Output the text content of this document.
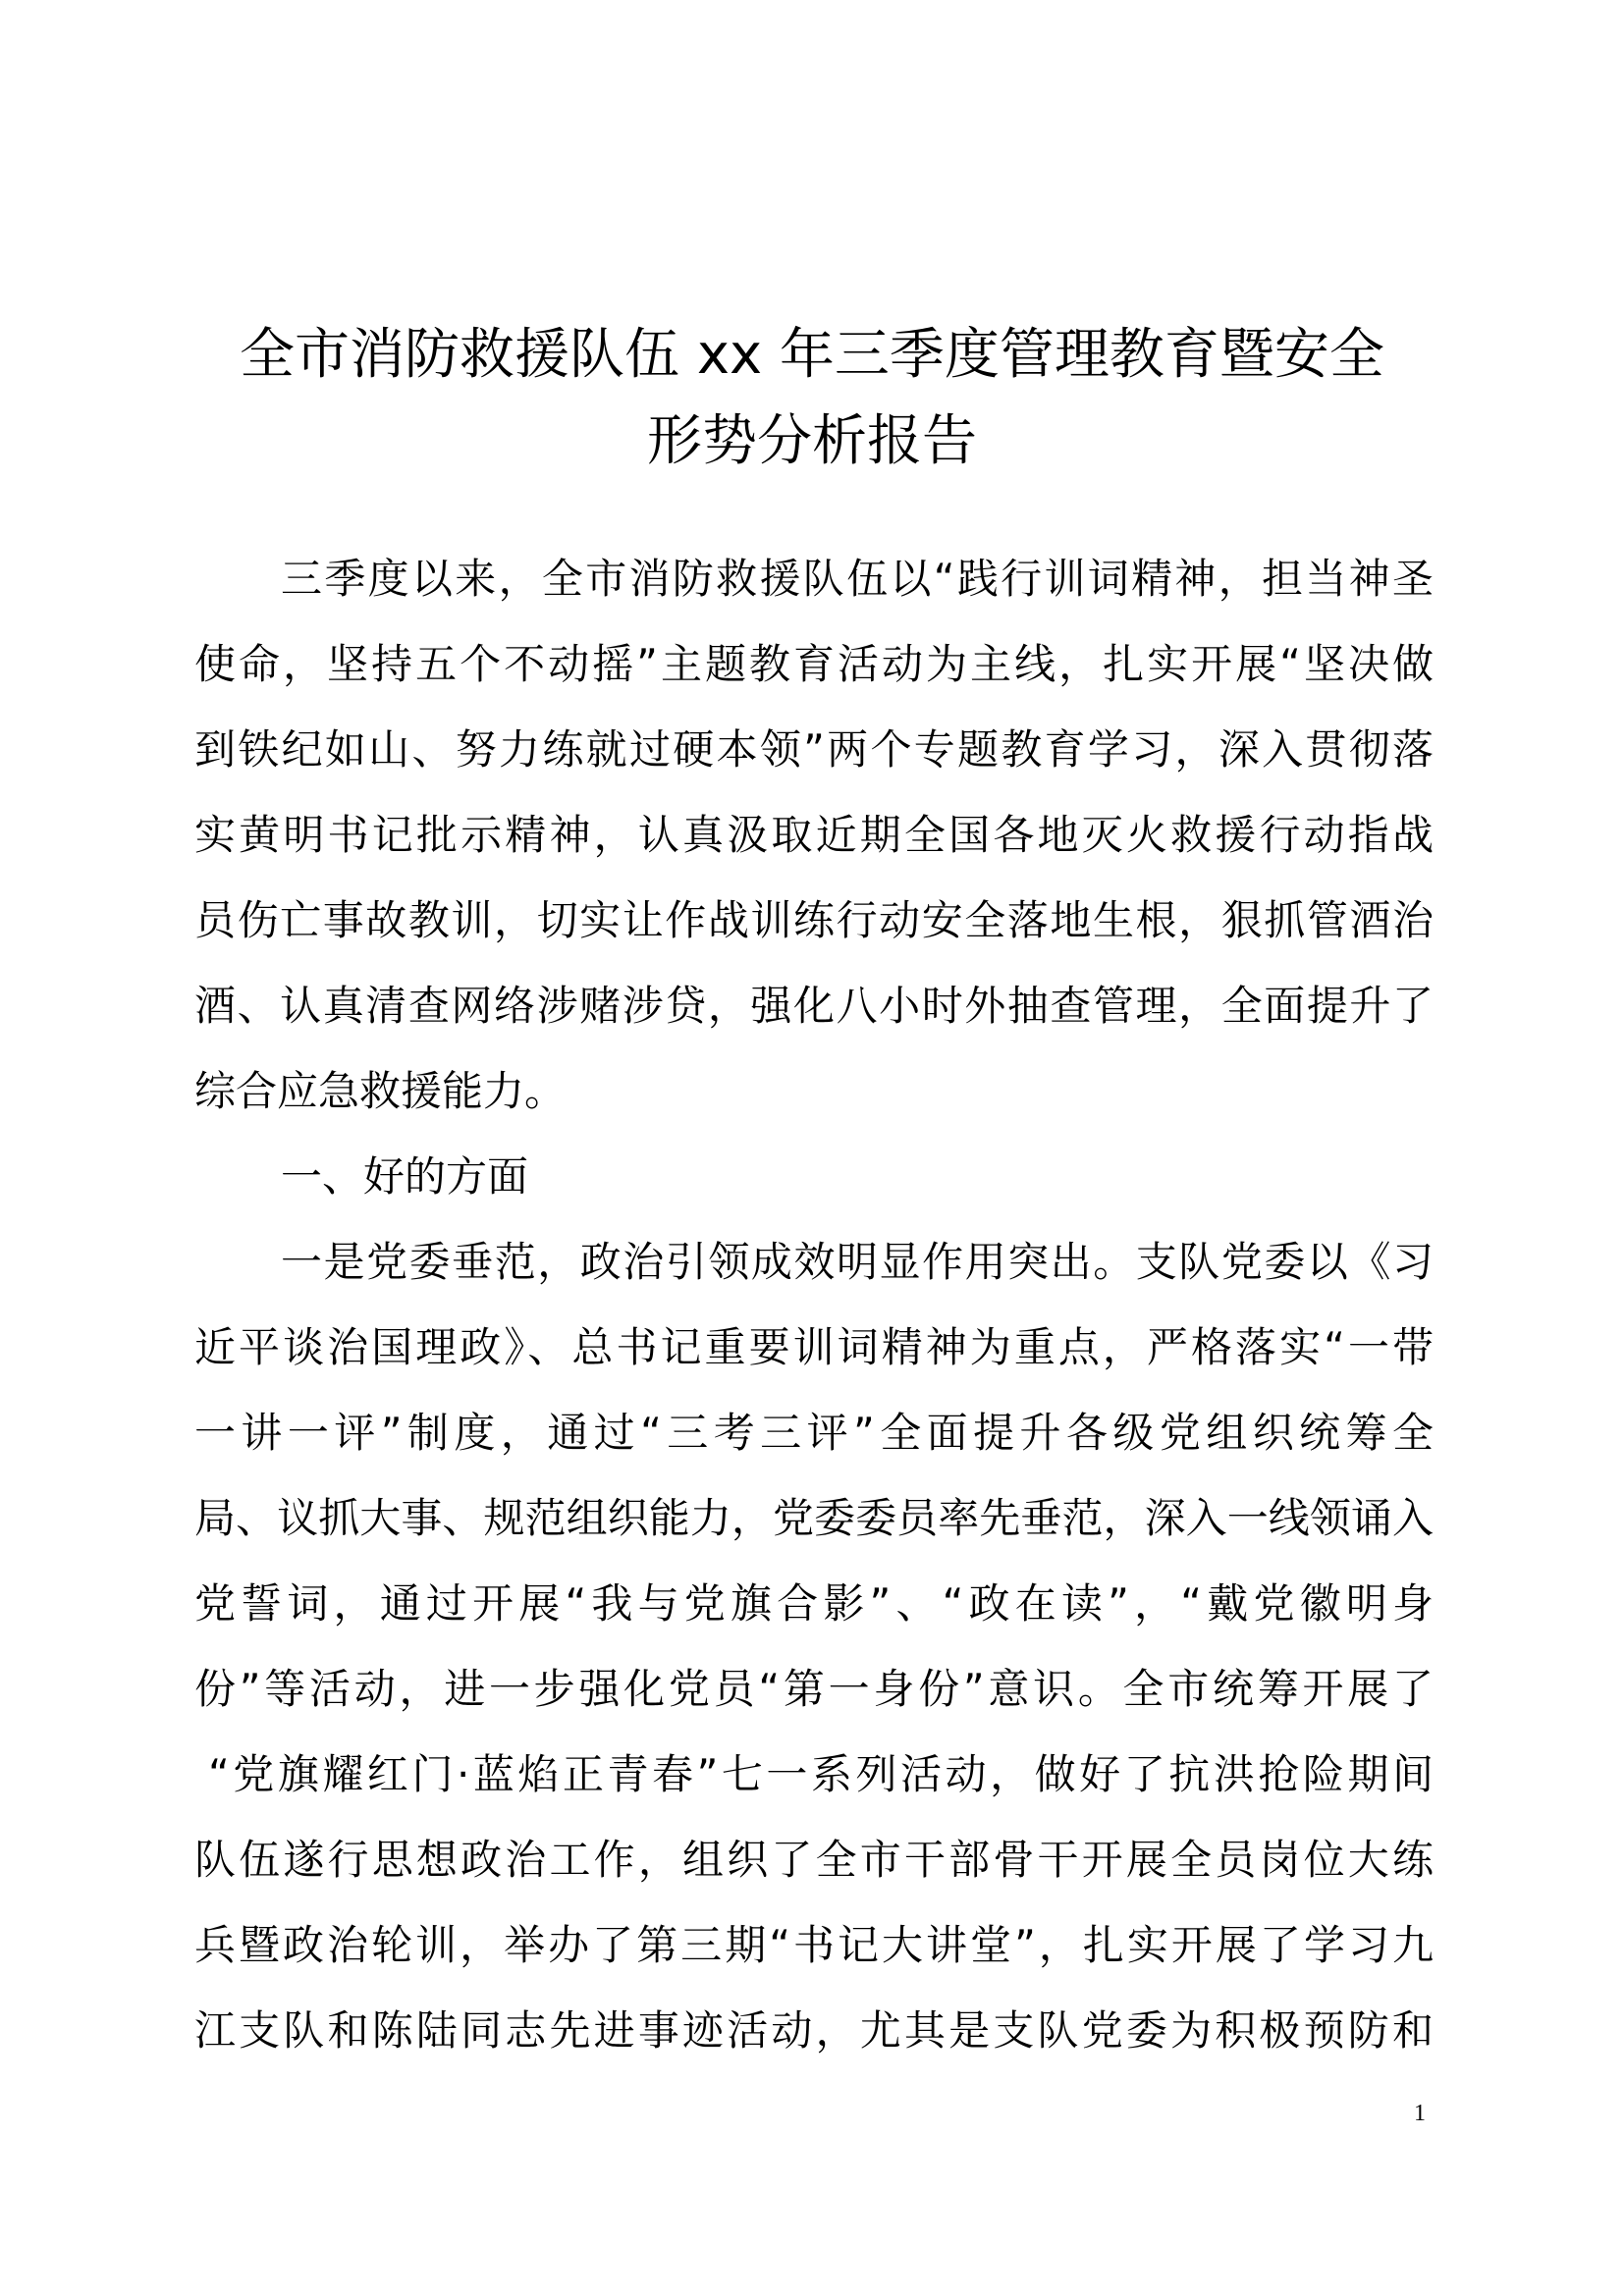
全市消防救援队伍 xx 年三季度管理教育暨安全
形势分析报告
三季度以来，全市消防救援队伍以“践行训词精神，担当神圣
使命，坚持五个不动摇”主题教育活动为主线，扎实开展“坚决做
到铁纪如山、努力练就过硬本领”两个专题教育学习，深入贯彻落
实黄明书记批示精神，认真汲取近期全国各地灭火救援行动指战
员伤亡事故教训，切实让作战训练行动安全落地生根，狠抓管酒治
酒、认真清查网络涉赌涉贷，强化八小时外抽查管理，全面提升了
综合应急救援能力。
一、好的方面
一是党委垂范，政治引领成效明显作用突出。支队党委以《习
近平谈治国理政》、总书记重要训词精神为重点，严格落实“一带
一讲一评”制度，通过“三考三评”全面提升各级党组织统筹全
局、议抓大事、规范组织能力，党委委员率先垂范，深入一线领诵入
党誓词，通过开展“我与党旗合影”、“政在读”，“戴党徽明身
份”等活动，进一步强化党员“第一身份”意识。全市统筹开展了
“党旗耀红门·蓝焰正青春”七一系列活动，做好了抗洪抢险期间
队伍遂行思想政治工作，组织了全市干部骨干开展全员岗位大练
兵暨政治轮训，举办了第三期“书记大讲堂”，扎实开展了学习九
江支队和陈陆同志先进事迹活动，尤其是支队党委为积极预防和
1
